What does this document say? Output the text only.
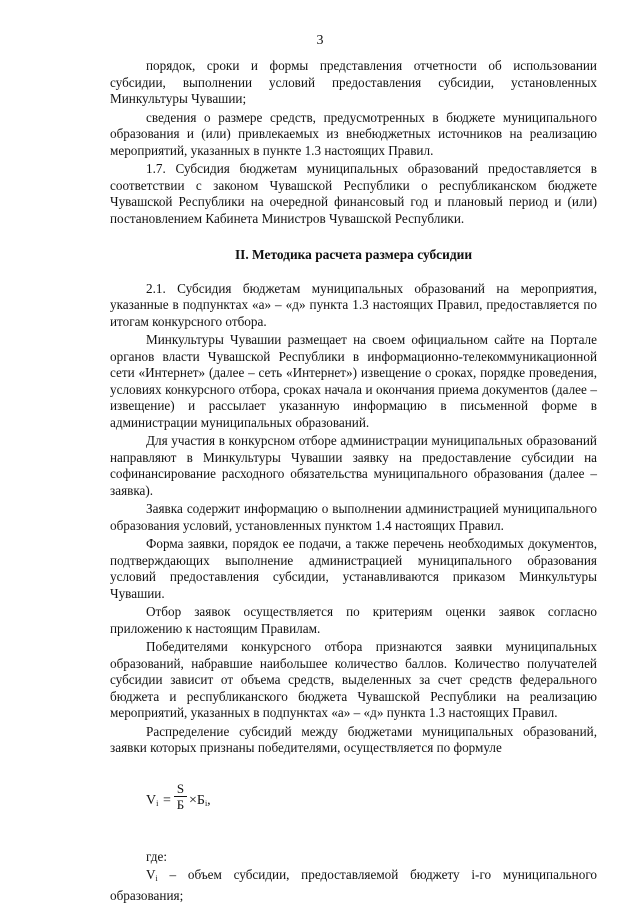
3

порядок, сроки и формы представления отчетности об использовании субсидии, выполнении условий предоставления субсидии, установленных Минкультуры Чувашии;

сведения о размере средств, предусмотренных в бюджете муниципального образования и (или) привлекаемых из внебюджетных источников на реализацию мероприятий, указанных в пункте 1.3 настоящих Правил.

1.7. Субсидия бюджетам муниципальных образований предоставляется в соответствии с законом Чувашской Республики о республиканском бюджете Чувашской Республики на очередной финансовый год и плановый период и (или) постановлением Кабинета Министров Чувашской Республики.

II. Методика расчета размера субсидии

2.1. Субсидия бюджетам муниципальных образований на мероприятия, указанные в подпунктах «а» – «д» пункта 1.3 настоящих Правил, предоставляется по итогам конкурсного отбора.

Минкультуры Чувашии размещает на своем официальном сайте на Портале органов власти Чувашской Республики в информационно-телекоммуникационной сети «Интернет» (далее – сеть «Интернет») извещение о сроках, порядке проведения, условиях конкурсного отбора, сроках начала и окончания приема документов (далее – извещение) и рассылает указанную информацию в письменной форме в администрации муниципальных образований.

Для участия в конкурсном отборе администрации муниципальных образований направляют в Минкультуры Чувашии заявку на предоставление субсидии на софинансирование расходного обязательства муниципального образования (далее – заявка).

Заявка содержит информацию о выполнении администрацией муниципального образования условий, установленных пунктом 1.4 настоящих Правил.

Форма заявки, порядок ее подачи, а также перечень необходимых документов, подтверждающих выполнение администрацией муниципального образования условий предоставления субсидии, устанавливаются приказом Минкультуры Чувашии.

Отбор заявок осуществляется по критериям оценки заявок согласно приложению к настоящим Правилам.

Победителями конкурсного отбора признаются заявки муниципальных образований, набравшие наибольшее количество баллов. Количество получателей субсидии зависит от объема средств, выделенных за счет средств федерального бюджета и республиканского бюджета Чувашской Республики на реализацию мероприятий, указанных в подпунктах «а» – «д» пункта 1.3 настоящих Правил.

Распределение субсидий между бюджетами муниципальных образований, заявки которых признаны победителями, осуществляется по формуле

$V_i$ =
S
$Б \times Б_i$,

где:

$V_i$ – объем субсидии, предоставляемой бюджету i-го муниципального образования;
